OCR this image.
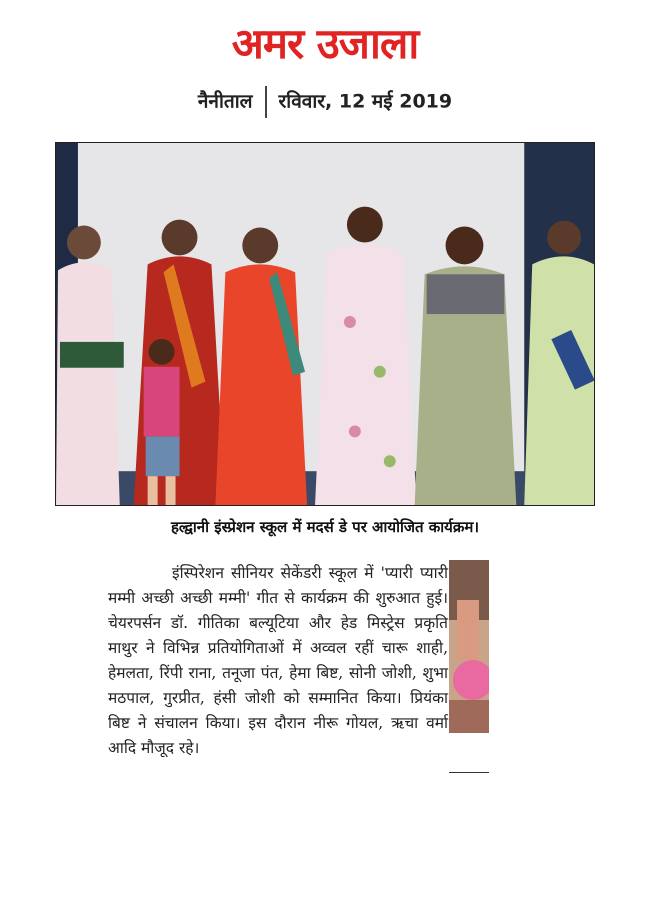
अमर उजाला
नैनीताल रविवार, 12 मई 2019
हल्द्वानी इंस्प्रेशन स्कूल में मदर्स डे पर आयोजित कार्यक्रम।
इंस्पिरेशन सीनियर सेकेंडरी स्कूल में 'प्यारी प्यारी मम्मी अच्छी अच्छी मम्मी' गीत से कार्यक्रम की शुरुआत हुई। चेयरपर्सन डॉ. गीतिका बल्यूटिया और हेड मिस्ट्रेस प्रकृति माथुर ने विभिन्न प्रतियोगिताओं में अव्वल रहीं चारू शाही, हेमलता, रिंपी राना, तनूजा पंत, हेमा बिष्ट, सोनी जोशी, शुभा मठपाल, गुरप्रीत, हंसी जोशी को सम्मानित किया। प्रियंका बिष्ट ने संचालन किया। इस दौरान नीरू गोयल, ऋचा वर्मा आदि मौजूद रहे।
